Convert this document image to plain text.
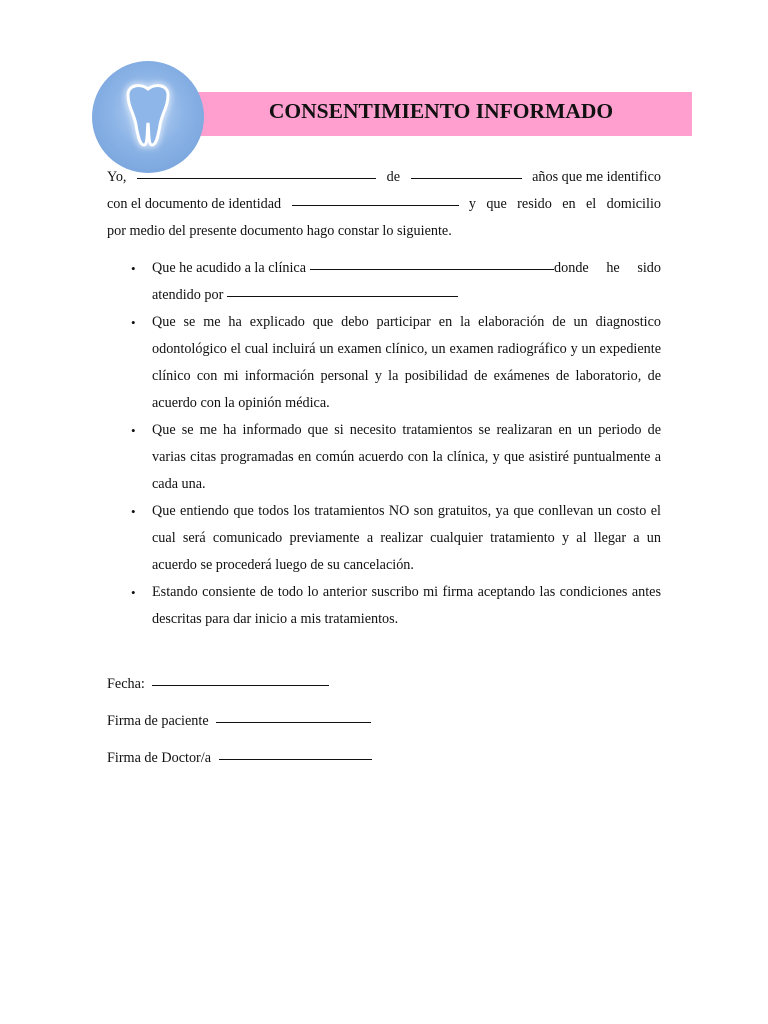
CONSENTIMIENTO INFORMADO
Yo,	de	años que me identifico
con el documento de identidad	y que resido en el domicilio
por medio del presente documento hago constar lo siguiente.
• Que he acudido a la clínica	donde he sido
atendido por
• Que se me ha explicado que debo participar en la elaboración de un diagnostico odontológico el cual incluirá un examen clínico, un examen radiográfico y un expediente clínico con mi información personal y la posibilidad de exámenes de laboratorio, de acuerdo con la opinión médica.
• Que se me ha informado que si necesito tratamientos se realizaran en un periodo de varias citas programadas en común acuerdo con la clínica, y que asistiré puntualmente a cada una.
• Que entiendo que todos los tratamientos NO son gratuitos, ya que conllevan un costo el cual será comunicado previamente a realizar cualquier tratamiento y al llegar a un acuerdo se procederá luego de su cancelación.
• Estando consiente de todo lo anterior suscribo mi firma aceptando las condiciones antes descritas para dar inicio a mis tratamientos.
Fecha:
Firma de paciente
Firma de Doctor/a
